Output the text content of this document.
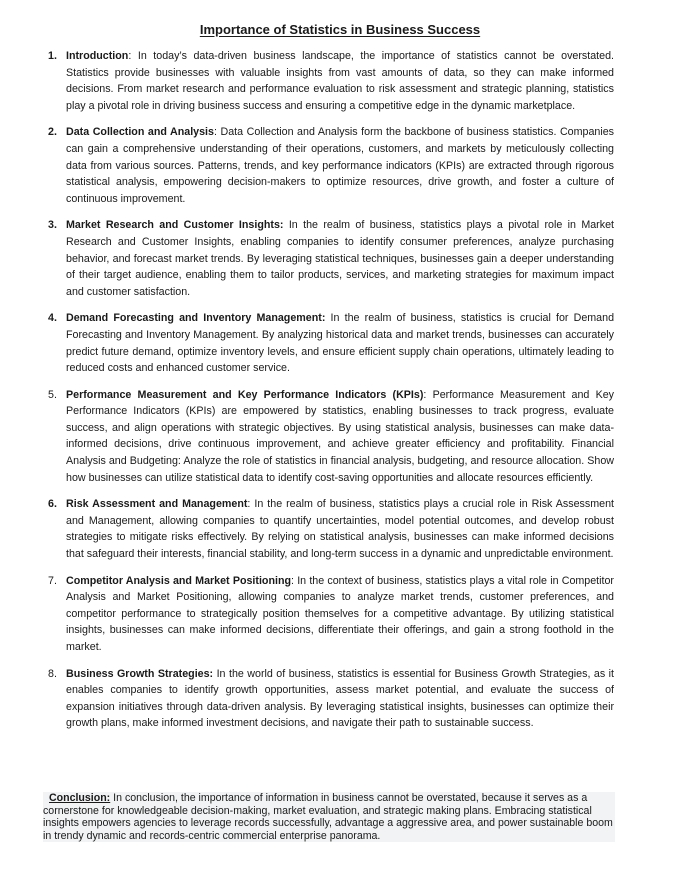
Importance of Statistics in Business Success
1. Introduction: In today’s data-driven business landscape, the importance of statistics cannot be overstated. Statistics provide businesses with valuable insights from vast amounts of data, so they can make informed decisions. From market research and performance evaluation to risk assessment and strategic planning, statistics play a pivotal role in driving business success and ensuring a competitive edge in the dynamic marketplace.
2. Data Collection and Analysis: Data Collection and Analysis form the backbone of business statistics. Companies can gain a comprehensive understanding of their operations, customers, and markets by meticulously collecting data from various sources. Patterns, trends, and key performance indicators (KPIs) are extracted through rigorous statistical analysis, empowering decision-makers to optimize resources, drive growth, and foster a culture of continuous improvement.
3. Market Research and Customer Insights: In the realm of business, statistics plays a pivotal role in Market Research and Customer Insights, enabling companies to identify consumer preferences, analyze purchasing behavior, and forecast market trends. By leveraging statistical techniques, businesses gain a deeper understanding of their target audience, enabling them to tailor products, services, and marketing strategies for maximum impact and customer satisfaction.
4. Demand Forecasting and Inventory Management: In the realm of business, statistics is crucial for Demand Forecasting and Inventory Management. By analyzing historical data and market trends, businesses can accurately predict future demand, optimize inventory levels, and ensure efficient supply chain operations, ultimately leading to reduced costs and enhanced customer service.
5. Performance Measurement and Key Performance Indicators (KPIs): Performance Measurement and Key Performance Indicators (KPIs) are empowered by statistics, enabling businesses to track progress, evaluate success, and align operations with strategic objectives. By using statistical analysis, businesses can make data-informed decisions, drive continuous improvement, and achieve greater efficiency and profitability. Financial Analysis and Budgeting: Analyze the role of statistics in financial analysis, budgeting, and resource allocation. Show how businesses can utilize statistical data to identify cost-saving opportunities and allocate resources efficiently.
6. Risk Assessment and Management: In the realm of business, statistics plays a crucial role in Risk Assessment and Management, allowing companies to quantify uncertainties, model potential outcomes, and develop robust strategies to mitigate risks effectively. By relying on statistical analysis, businesses can make informed decisions that safeguard their interests, financial stability, and long-term success in a dynamic and unpredictable environment.
7. Competitor Analysis and Market Positioning: In the context of business, statistics plays a vital role in Competitor Analysis and Market Positioning, allowing companies to analyze market trends, customer preferences, and competitor performance to strategically position themselves for a competitive advantage. By utilizing statistical insights, businesses can make informed decisions, differentiate their offerings, and gain a strong foothold in the market.
8. Business Growth Strategies: In the world of business, statistics is essential for Business Growth Strategies, as it enables companies to identify growth opportunities, assess market potential, and evaluate the success of expansion initiatives through data-driven analysis. By leveraging statistical insights, businesses can optimize their growth plans, make informed investment decisions, and navigate their path to sustainable success.
Conclusion: In conclusion, the importance of information in business cannot be overstated, because it serves as a cornerstone for knowledgeable decision-making, market evaluation, and strategic making plans. Embracing statistical insights empowers agencies to leverage records successfully, advantage a aggressive area, and power sustainable boom in trendy dynamic and records-centric commercial enterprise panorama.
